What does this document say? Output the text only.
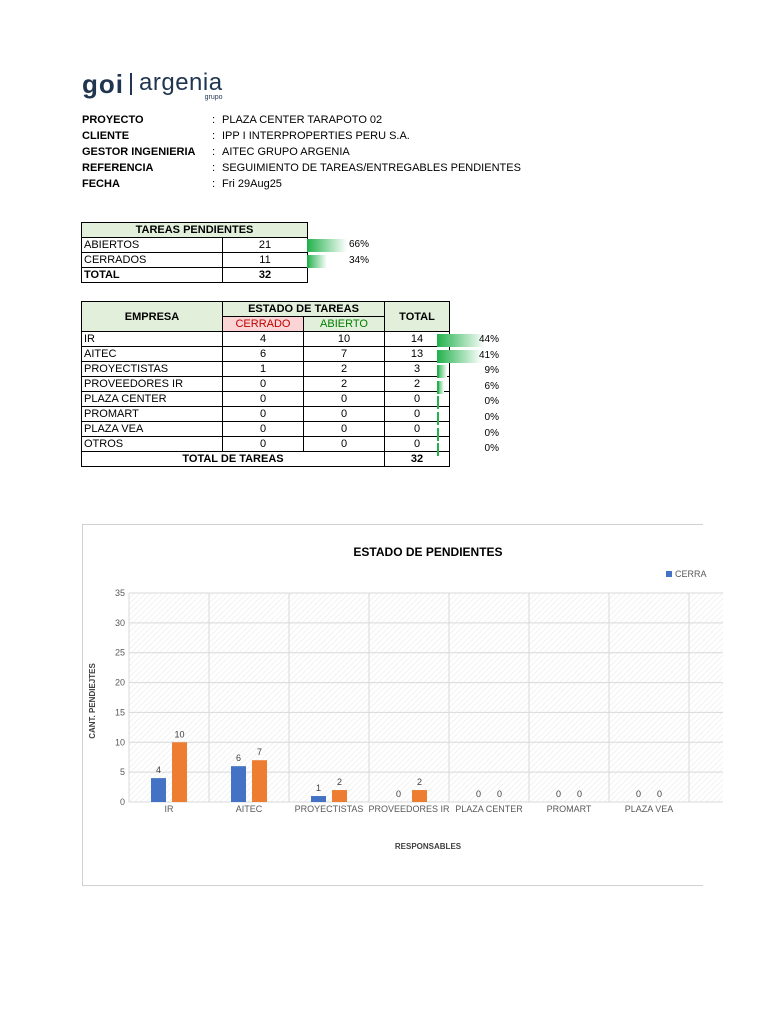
goi argenia
grupo
PROYECTO	: PLAZA CENTER TARAPOTO 02
CLIENTE	: IPP I INTERPROPERTIES PERU S.A.
GESTOR INGENIERIA	: AITEC GRUPO ARGENIA
REFERENCIA	: SEGUIMIENTO DE TAREAS/ENTREGABLES PENDIENTES
FECHA	: Fri 29Aug25
TAREAS PENDIENTES	
ABIERTOS	21
CERRADOS	11
TOTAL	32
66%
34%
EMPRESA	ESTADO DE TAREAS		TOTAL
	CERRADO	ABIERTO	
IR	4	10	14
AITEC	6	7	13
PROYECTISTAS	1	2	3
PROVEEDORES IR	0	2	2
PLAZA CENTER	0	0	0
PROMART	0	0	0
PLAZA VEA	0	0	0
OTROS	0	0	0
TOTAL DE TAREAS			32
44%
41%
9%
6%
0%
0%
0%
0%
ESTADO DE PENDIENTES
0
5
10
15
20
25
30
35
4
10
IR
6
7
AITEC
1
2
PROYECTISTAS
0
2
PROVEEDORES IR
0 0
PLAZA CENTER
0 0
PROMART
0 0
PLAZA VEA
RESPONSABLES
CANT. PENDIEJTES
CERRA
